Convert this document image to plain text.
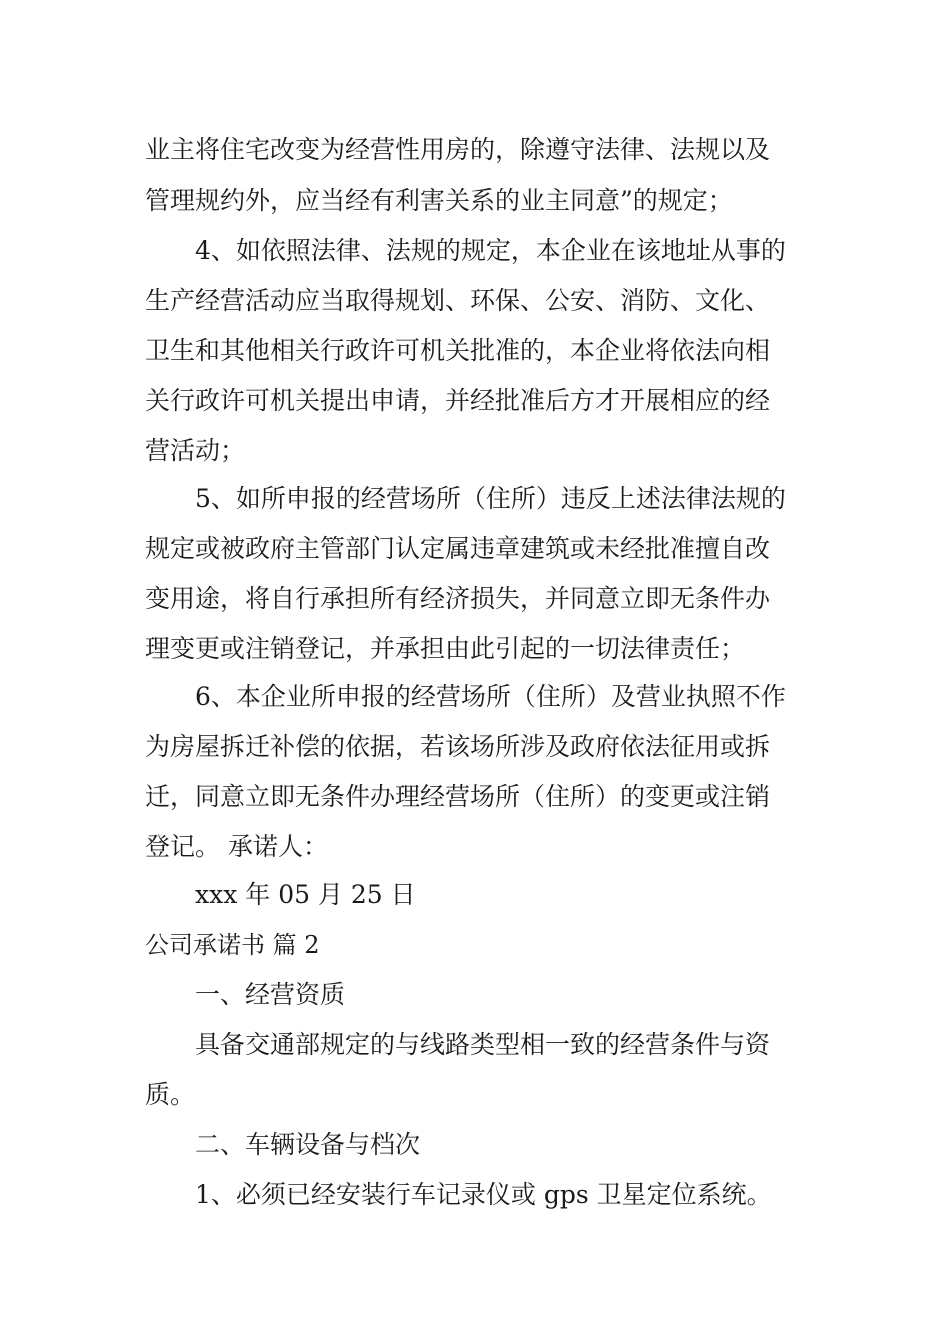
业主将住宅改变为经营性用房的，除遵守法律、法规以及
管理规约外，应当经有利害关系的业主同意”的规定；
4、如依照法律、法规的规定，本企业在该地址从事的
生产经营活动应当取得规划、环保、公安、消防、文化、
卫生和其他相关行政许可机关批准的，本企业将依法向相
关行政许可机关提出申请，并经批准后方才开展相应的经
营活动；
5、如所申报的经营场所（住所）违反上述法律法规的
规定或被政府主管部门认定属违章建筑或未经批准擅自改
变用途，将自行承担所有经济损失，并同意立即无条件办
理变更或注销登记，并承担由此引起的一切法律责任；
6、本企业所申报的经营场所（住所）及营业执照不作
为房屋拆迁补偿的依据，若该场所涉及政府依法征用或拆
迁，同意立即无条件办理经营场所（住所）的变更或注销
登记。 承诺人：
xxx 年 05 月 25 日
公司承诺书 篇 2
一、经营资质
具备交通部规定的与线路类型相一致的经营条件与资
质。
二、车辆设备与档次
1、必须已经安装行车记录仪或 gps 卫星定位系统。
